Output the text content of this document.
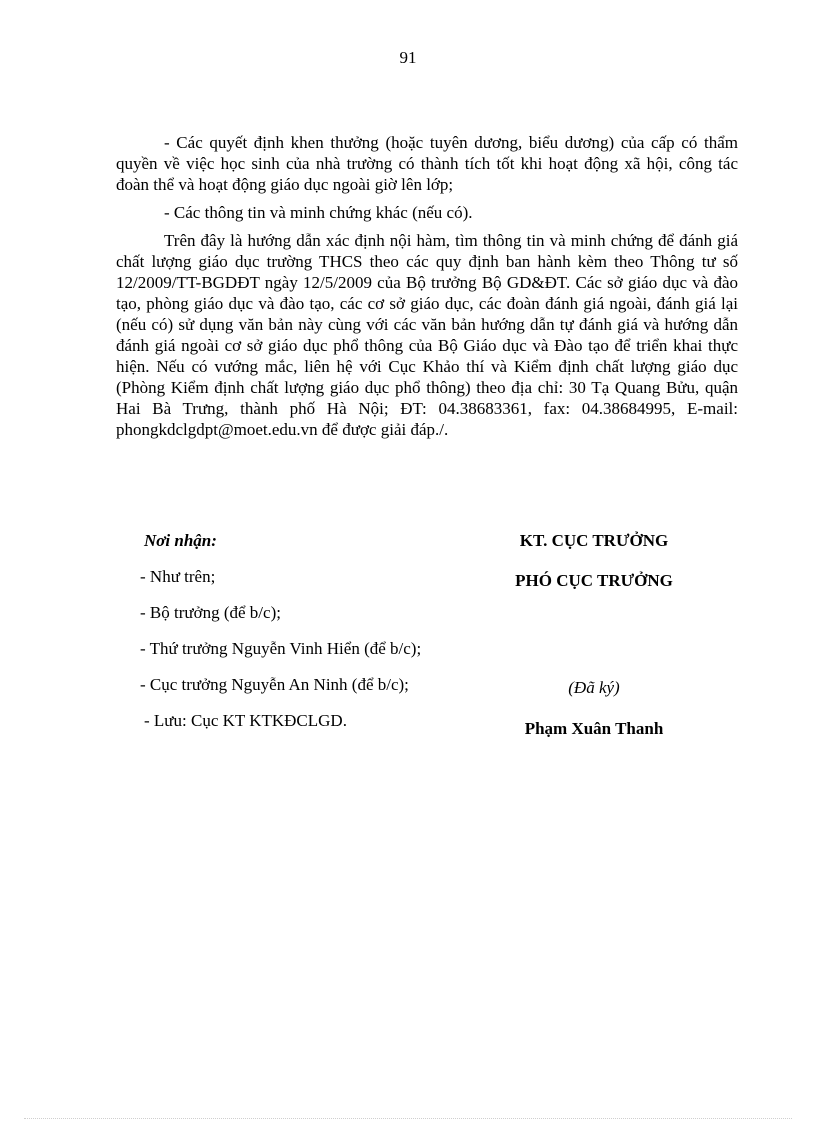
91

- Các quyết định khen thưởng (hoặc tuyên dương, biểu dương) của cấp có thẩm quyền về việc học sinh của nhà trường có thành tích tốt khi hoạt động xã hội, công tác đoàn thể và hoạt động giáo dục ngoài giờ lên lớp;

- Các thông tin và minh chứng khác (nếu có).

Trên đây là hướng dẫn xác định nội hàm, tìm thông tin và minh chứng để đánh giá chất lượng giáo dục trường THCS theo các quy định ban hành kèm theo Thông tư số 12/2009/TT-BGDĐT ngày 12/5/2009 của Bộ trưởng Bộ GD&ĐT. Các sở giáo dục và đào tạo, phòng giáo dục và đào tạo, các cơ sở giáo dục, các đoàn đánh giá ngoài, đánh giá lại (nếu có) sử dụng văn bản này cùng với các văn bản hướng dẫn tự đánh giá và hướng dẫn đánh giá ngoài cơ sở giáo dục phổ thông của Bộ Giáo dục và Đào tạo để triển khai thực hiện. Nếu có vướng mắc, liên hệ với Cục Khảo thí và Kiểm định chất lượng giáo dục (Phòng Kiểm định chất lượng giáo dục phổ thông) theo địa chỉ: 30 Tạ Quang Bửu, quận Hai Bà Trưng, thành phố Hà Nội; ĐT: 04.38683361, fax: 04.38684995, E-mail: phongkdclgdpt@moet.edu.vn để được giải đáp./.

Nơi nhận:
- Như trên;
- Bộ trưởng (để b/c);
- Thứ trưởng Nguyễn Vinh Hiển (để b/c);
- Cục trưởng Nguyễn An Ninh (để b/c);
- Lưu: Cục KT KTKĐCLGD.
KT. CỤC TRƯỞNG
PHÓ CỤC TRƯỞNG
(Đã ký)
Phạm Xuân Thanh
